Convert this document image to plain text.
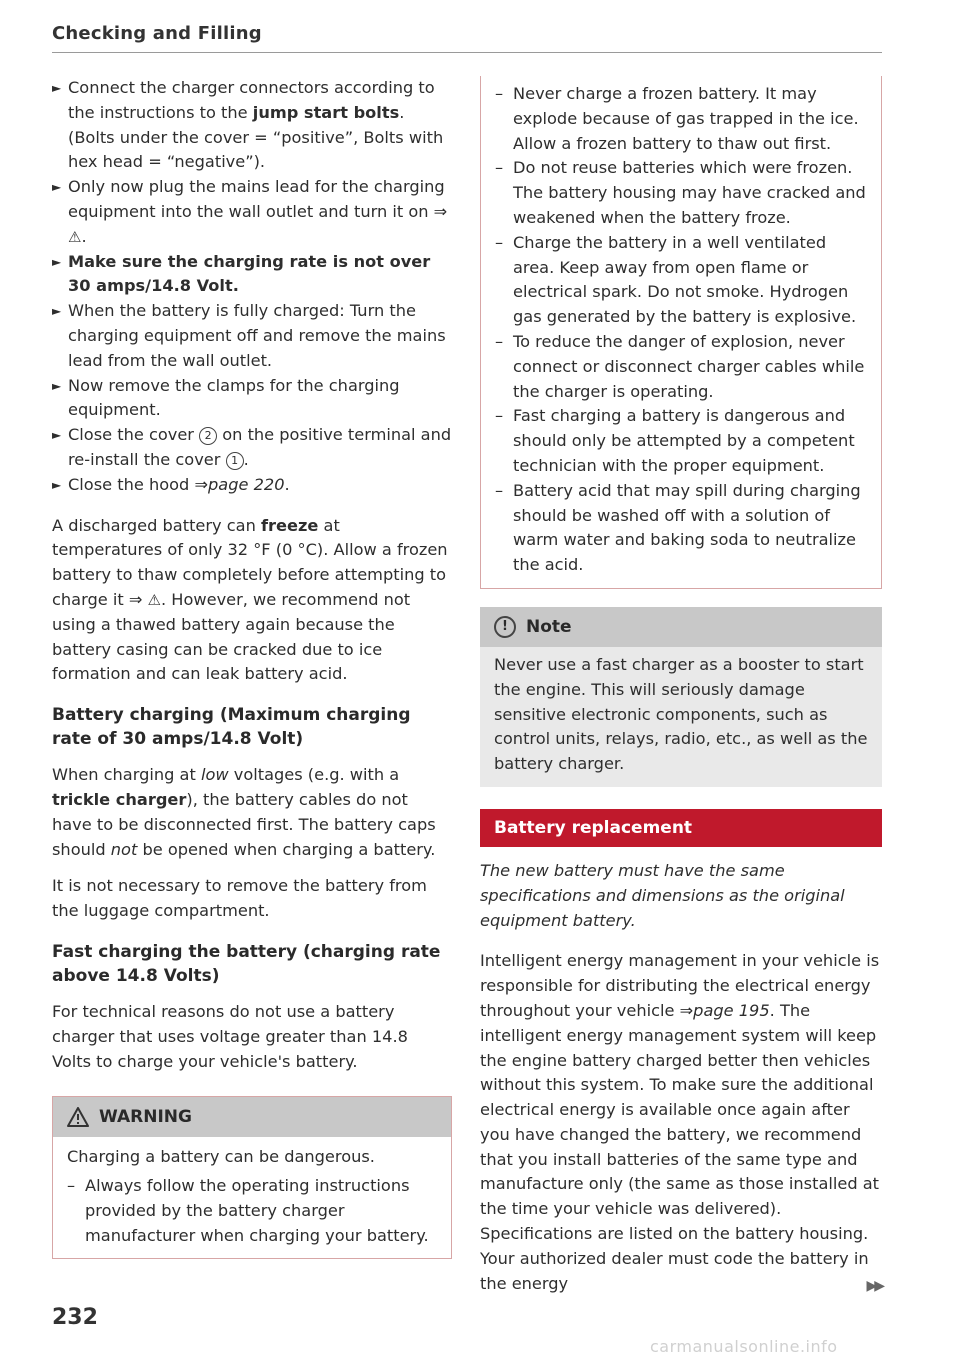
Checking and Filling
► Connect the charger connectors according to the instructions to the jump start bolts. (Bolts under the cover = “positive”, Bolts with hex head = “negative”).
► Only now plug the mains lead for the charging equipment into the wall outlet and turn it on ⇒ ⚠.
► Make sure the charging rate is not over 30 amps/14.8 Volt.
► When the battery is fully charged: Turn the charging equipment off and remove the mains lead from the wall outlet.
► Now remove the clamps for the charging equipment.
► Close the cover 2 on the positive terminal and re-install the cover 1 .
► Close the hood ⇒page 220.

A discharged battery can freeze at temperatures of only 32 °F (0 °C). Allow a frozen battery to thaw completely before attempting to charge it ⇒ ⚠. However, we recommend not using a thawed battery again because the battery casing can be cracked due to ice formation and can leak battery acid.

Battery charging (Maximum charging rate of 30 amps/14.8 Volt)

When charging at low voltages (e.g. with a trickle charger), the battery cables do not have to be disconnected first. The battery caps should not be opened when charging a battery.

It is not necessary to remove the battery from the luggage compartment.

Fast charging the battery (charging rate above 14.8 Volts)

For technical reasons do not use a battery charger that uses voltage greater than 14.8 Volts to charge your vehicle's battery.

WARNING

Charging a battery can be dangerous.

– Always follow the operating instructions provided by the battery charger manufacturer when charging your battery.
– Never charge a frozen battery. It may explode because of gas trapped in the ice. Allow a frozen battery to thaw out first.
– Do not reuse batteries which were frozen. The battery housing may have cracked and weakened when the battery froze.
– Charge the battery in a well ventilated area. Keep away from open flame or electrical spark. Do not smoke. Hydrogen gas generated by the battery is explosive.
– To reduce the danger of explosion, never connect or disconnect charger cables while the charger is operating.
– Fast charging a battery is dangerous and should only be attempted by a competent technician with the proper equipment.
– Battery acid that may spill during charging should be washed off with a solution of warm water and baking soda to neutralize the acid.
!	Note
Never use a fast charger as a booster to start the engine. This will seriously damage sensitive electronic components, such as control units, relays, radio, etc., as well as the battery charger.
Battery replacement

The new battery must have the same specifications and dimensions as the original equipment battery.

Intelligent energy management in your vehicle is responsible for distributing the electrical energy throughout your vehicle ⇒page 195. The intelligent energy management system will keep the engine battery charged better then vehicles without this system. To make sure the additional electrical energy is available once again after you have changed the battery, we recommend that you install batteries of the same type and manufacture only (the same as those installed at the time your vehicle was delivered). Specifications are listed on the battery housing. Your authorized dealer must code the battery in the energy	▶▶

232
carmanualsonline.info
